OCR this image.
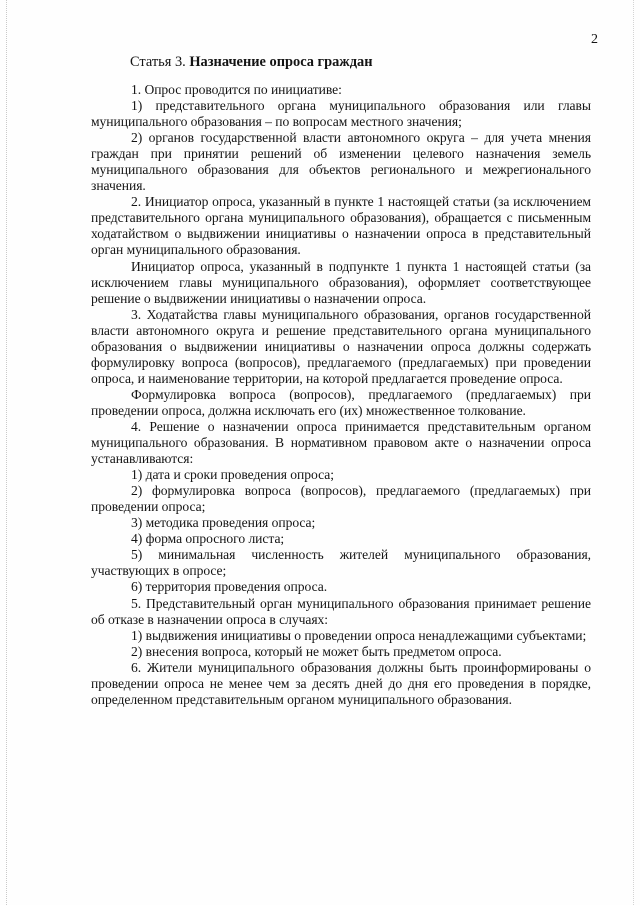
2
Статья 3. Назначение опроса граждан

1. Опрос проводится по инициативе:

1) представительного органа муниципального образования или главы муниципального образования – по вопросам местного значения;

2) органов государственной власти автономного округа – для учета мнения граждан при принятии решений об изменении целевого назначения земель муниципального образования для объектов регионального и межрегионального значения.

2. Инициатор опроса, указанный в пункте 1 настоящей статьи (за исключением представительного органа муниципального образования), обращается с письменным ходатайством о выдвижении инициативы о назначении опроса в представительный орган муниципального образования.

Инициатор опроса, указанный в подпункте 1 пункта 1 настоящей статьи (за исключением главы муниципального образования), оформляет соответствующее решение о выдвижении инициативы о назначении опроса.

3. Ходатайства главы муниципального образования, органов государственной власти автономного округа и решение представительного органа муниципального образования о выдвижении инициативы о назначении опроса должны содержать формулировку вопроса (вопросов), предлагаемого (предлагаемых) при проведении опроса, и наименование территории, на которой предлагается проведение опроса.

Формулировка вопроса (вопросов), предлагаемого (предлагаемых) при проведении опроса, должна исключать его (их) множественное толкование.

4. Решение о назначении опроса принимается представительным органом муниципального образования. В нормативном правовом акте о назначении опроса устанавливаются:

1) дата и сроки проведения опроса;

2) формулировка вопроса (вопросов), предлагаемого (предлагаемых) при проведении опроса;

3) методика проведения опроса;

4) форма опросного листа;

5) минимальная численность жителей муниципального образования, участвующих в опросе;

6) территория проведения опроса.

5. Представительный орган муниципального образования принимает решение об отказе в назначении опроса в случаях:

1) выдвижения инициативы о проведении опроса ненадлежащими субъектами;

2) внесения вопроса, который не может быть предметом опроса.

6. Жители муниципального образования должны быть проинформированы о проведении опроса не менее чем за десять дней до дня его проведения в порядке, определенном представительным органом муниципального образования.
